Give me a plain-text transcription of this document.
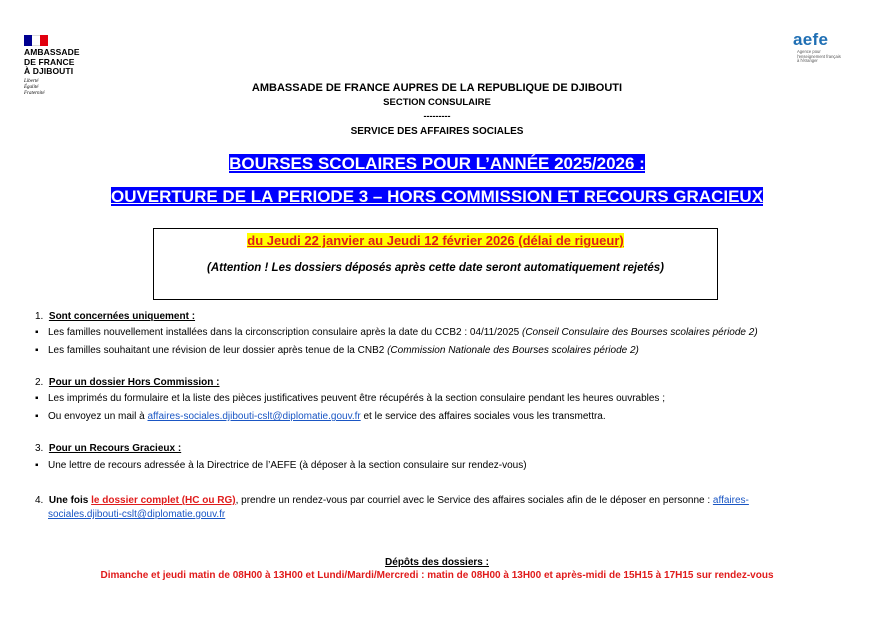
AMBASSADE
DE FRANCE
À DJIBOUTI
Liberté
Égalité
Fraternité
aefe
Agence pour
l'enseignement français
à l'étranger
AMBASSADE DE FRANCE AUPRES DE LA REPUBLIQUE DE DJIBOUTI
SECTION CONSULAIRE
---------
SERVICE DES AFFAIRES SOCIALES
BOURSES SCOLAIRES POUR L’ANNÉE 2025/2026 :
OUVERTURE DE LA PERIODE 3 – HORS COMMISSION ET RECOURS GRACIEUX
du Jeudi 22 janvier au Jeudi 12 février 2026 (délai de rigueur)
(Attention ! Les dossiers déposés après cette date seront automatiquement rejetés)
1. Sont concernées uniquement :
▪ Les familles nouvellement installées dans la circonscription consulaire après la date du CCB2 : 04/11/2025 (Conseil Consulaire des Bourses scolaires période 2)
▪ Les familles souhaitant une révision de leur dossier après tenue de la CNB2 (Commission Nationale des Bourses scolaires période 2)
2. Pour un dossier Hors Commission :
▪ Les imprimés du formulaire et la liste des pièces justificatives peuvent être récupérés à la section consulaire pendant les heures ouvrables ;
▪ Ou envoyez un mail à affaires-sociales.djibouti-cslt@diplomatie.gouv.fr et le service des affaires sociales vous les transmettra.
3. Pour un Recours Gracieux :
▪ Une lettre de recours adressée à la Directrice de l’AEFE (à déposer à la section consulaire sur rendez-vous)
4. Une fois le dossier complet (HC ou RG), prendre un rendez-vous par courriel avec le Service des affaires sociales afin de le déposer en personne : affaires-
sociales.djibouti-cslt@diplomatie.gouv.fr
Dépôts des dossiers :
Dimanche et jeudi matin de 08H00 à 13H00 et Lundi/Mardi/Mercredi : matin de 08H00 à 13H00 et après-midi de 15H15 à 17H15 sur rendez-vous
